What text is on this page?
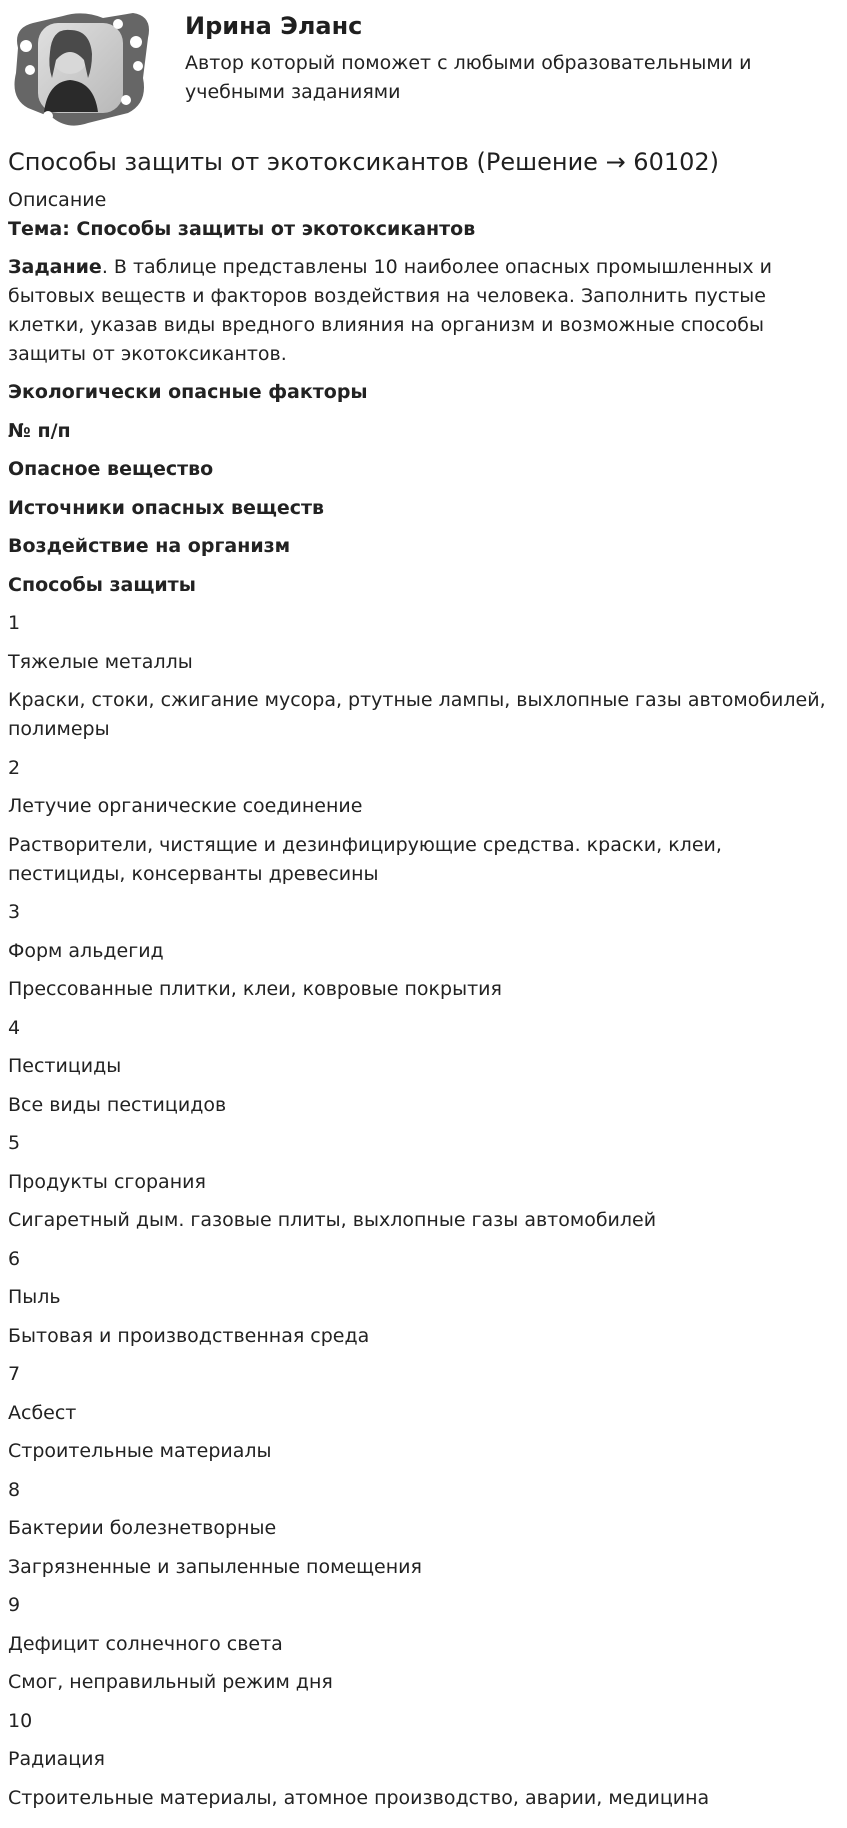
Ирина Эланс
Автор который поможет с любыми образовательными и учебными заданиями
Способы защиты от экотоксикантов (Решение → 60102)

Описание

Тема: Способы защиты от экотоксикантов

Задание. В таблице представлены 10 наиболее опасных промышленных и бытовых веществ и факторов воздействия на человека. Заполнить пустые клетки, указав виды вредного влияния на организм и возможные способы защиты от экотоксикантов.

Экологически опасные факторы

№ п/п

Опасное вещество

Источники опасных веществ

Воздействие на организм

Способы защиты

1

Тяжелые металлы

Краски, стоки, сжигание мусора, ртутные лампы, выхлопные газы автомобилей, полимеры

2

Летучие органические соединение

Растворители, чистящие и дезинфицирующие средства. краски, клеи, пестициды, консерванты древесины

3

Форм альдегид

Прессованные плитки, клеи, ковровые покрытия

4

Пестициды

Все виды пестицидов

5

Продукты сгорания

Сигаретный дым. газовые плиты, выхлопные газы автомобилей

6

Пыль

Бытовая и производственная среда

7

Асбест

Строительные материалы

8

Бактерии болезнетворные

Загрязненные и запыленные помещения

9

Дефицит солнечного света

Смог, неправильный режим дня

10

Радиация

Строительные материалы, атомное производство, аварии, медицина
